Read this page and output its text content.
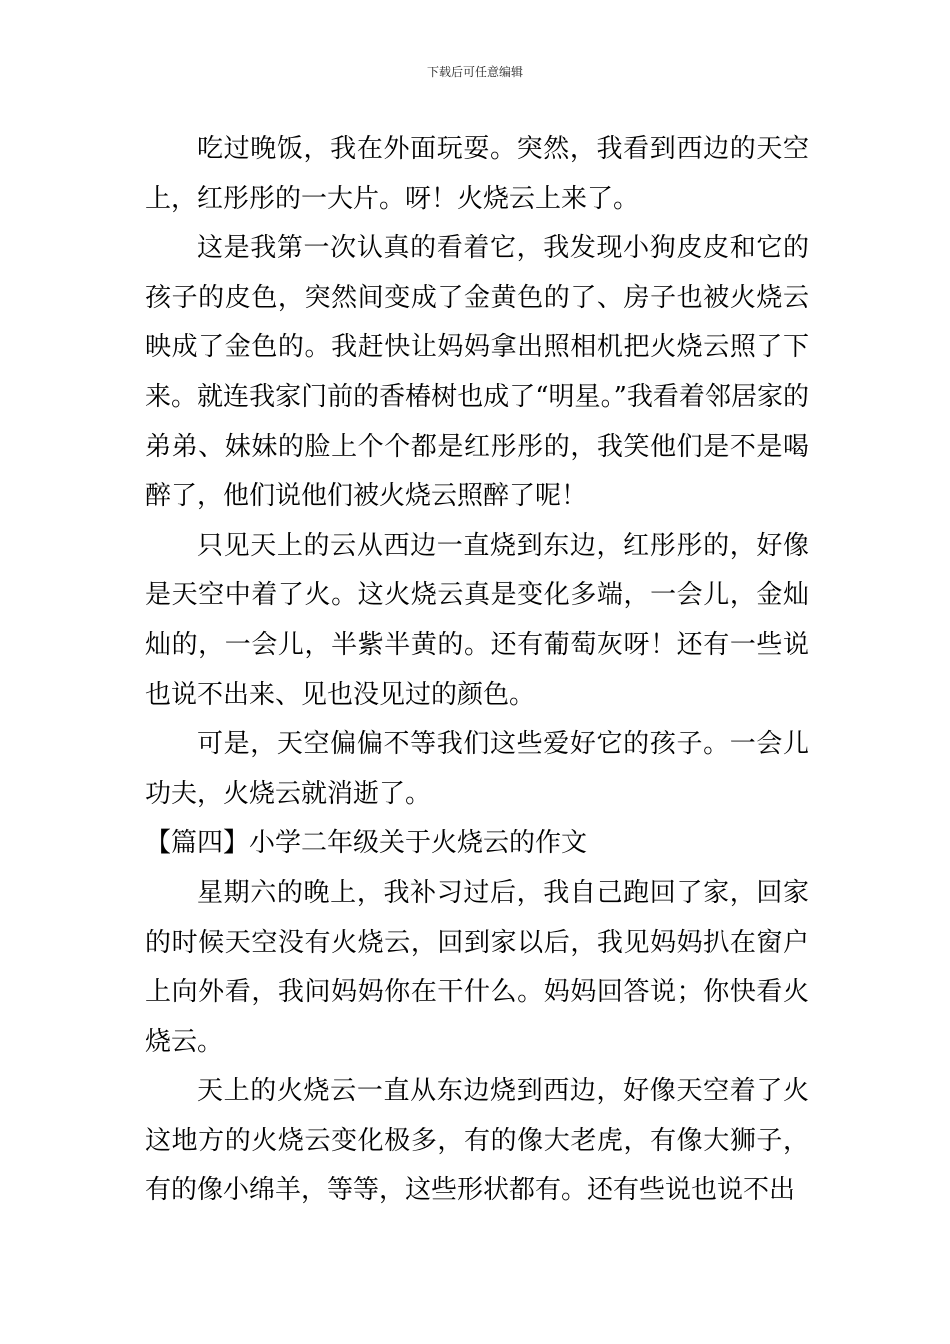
下载后可任意编辑

吃过晚饭，我在外面玩耍。突然，我看到西边的天空上，红彤彤的一大片。呀！火烧云上来了。

这是我第一次认真的看着它，我发现小狗皮皮和它的孩子的皮色，突然间变成了金黄色的了、房子也被火烧云映成了金色的。我赶快让妈妈拿出照相机把火烧云照了下来。就连我家门前的香椿树也成了“明星。”我看着邻居家的弟弟、妹妹的脸上个个都是红彤彤的，我笑他们是不是喝醉了，他们说他们被火烧云照醉了呢！

只见天上的云从西边一直烧到东边，红彤彤的，好像是天空中着了火。这火烧云真是变化多端，一会儿，金灿灿的，一会儿，半紫半黄的。还有葡萄灰呀！还有一些说也说不出来、见也没见过的颜色。

可是，天空偏偏不等我们这些爱好它的孩子。一会儿功夫，火烧云就消逝了。

【篇四】小学二年级关于火烧云的作文

星期六的晚上，我补习过后，我自己跑回了家，回家的时候天空没有火烧云，回到家以后，我见妈妈扒在窗户上向外看，我问妈妈你在干什么。妈妈回答说；你快看火烧云。

天上的火烧云一直从东边烧到西边，好像天空着了火这地方的火烧云变化极多，有的像大老虎，有像大狮子，有的像小绵羊，等等，这些形状都有。还有些说也说不出
